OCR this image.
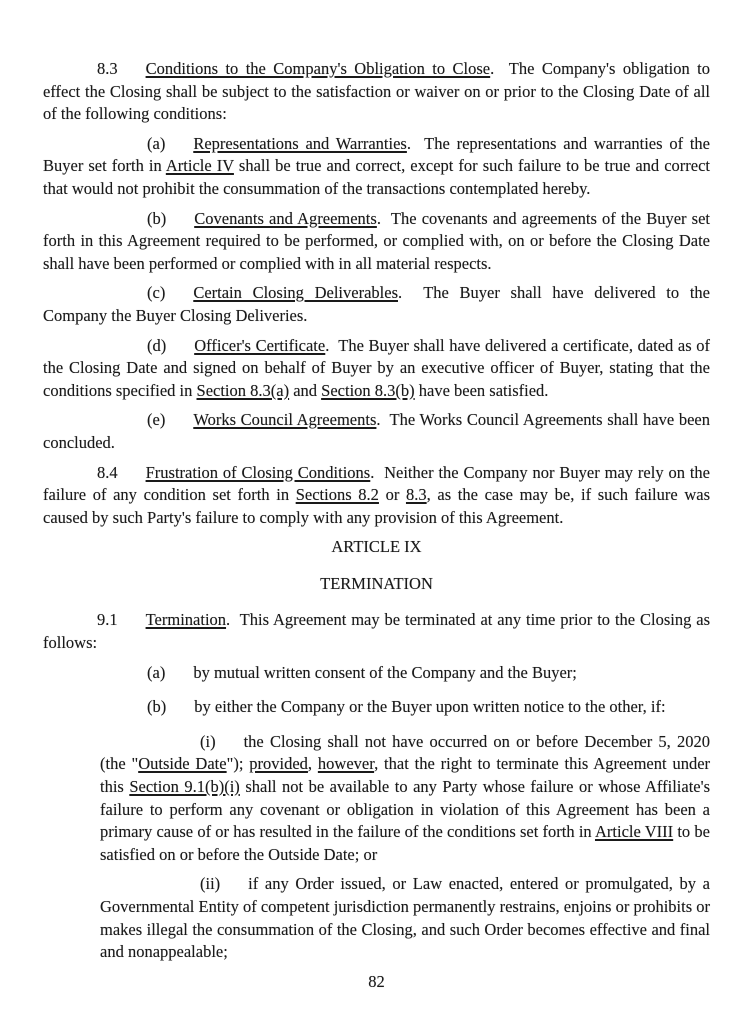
8.3 Conditions to the Company's Obligation to Close.  The Company's obligation to effect the Closing shall be subject to the satisfaction or waiver on or prior to the Closing Date of all of the following conditions:

(a) Representations and Warranties.  The representations and warranties of the Buyer set forth in Article IV shall be true and correct, except for such failure to be true and correct that would not prohibit the consummation of the transactions contemplated hereby.

(b) Covenants and Agreements.  The covenants and agreements of the Buyer set forth in this Agreement required to be performed, or complied with, on or before the Closing Date shall have been performed or complied with in all material respects.

(c) Certain Closing Deliverables.  The Buyer shall have delivered to the Company the Buyer Closing Deliveries.

(d) Officer's Certificate.  The Buyer shall have delivered a certificate, dated as of the Closing Date and signed on behalf of Buyer by an executive officer of Buyer, stating that the conditions specified in Section 8.3(a) and Section 8.3(b) have been satisfied.

(e) Works Council Agreements.  The Works Council Agreements shall have been concluded.

8.4 Frustration of Closing Conditions.  Neither the Company nor Buyer may rely on the failure of any condition set forth in Sections 8.2 or 8.3, as the case may be, if such failure was caused by such Party's failure to comply with any provision of this Agreement.

ARTICLE IX

TERMINATION

9.1 Termination.  This Agreement may be terminated at any time prior to the Closing as follows:

(a) by mutual written consent of the Company and the Buyer;

(b) by either the Company or the Buyer upon written notice to the other, if:

(i) the Closing shall not have occurred on or before December 5, 2020 (the "Outside Date"); provided, however, that the right to terminate this Agreement under this Section 9.1(b)(i) shall not be available to any Party whose failure or whose Affiliate's failure to perform any covenant or obligation in violation of this Agreement has been a primary cause of or has resulted in the failure of the conditions set forth in Article VIII to be satisfied on or before the Outside Date; or

(ii) if any Order issued, or Law enacted, entered or promulgated, by a Governmental Entity of competent jurisdiction permanently restrains, enjoins or prohibits or makes illegal the consummation of the Closing, and such Order becomes effective and final and nonappealable;

82
